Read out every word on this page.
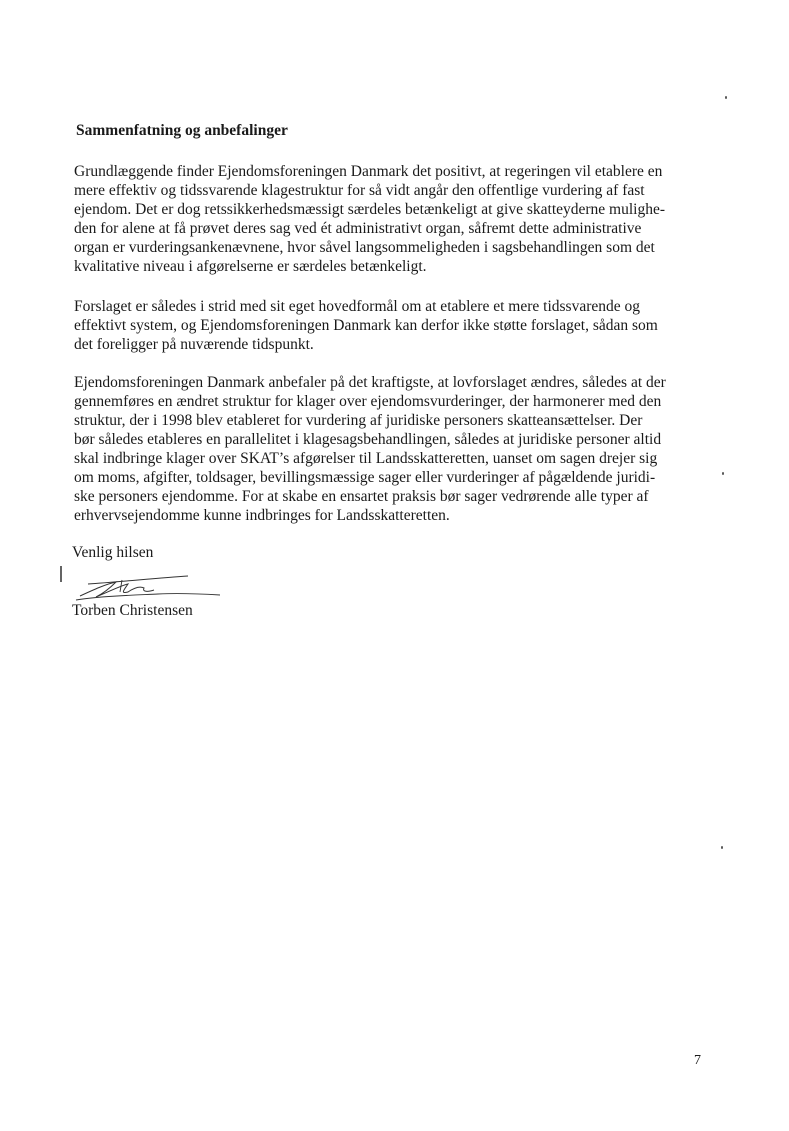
Sammenfatning og anbefalinger

Grundlæggende finder Ejendomsforeningen Danmark det positivt, at regeringen vil etablere en
mere effektiv og tidssvarende klagestruktur for så vidt angår den offentlige vurdering af fast
ejendom. Det er dog retssikkerhedsmæssigt særdeles betænkeligt at give skatteyderne mulighe-
den for alene at få prøvet deres sag ved ét administrativt organ, såfremt dette administrative
organ er vurderingsankenævnene, hvor såvel langsommeligheden i sagsbehandlingen som det
kvalitative niveau i afgørelserne er særdeles betænkeligt.

Forslaget er således i strid med sit eget hovedformål om at etablere et mere tidssvarende og
effektivt system, og Ejendomsforeningen Danmark kan derfor ikke støtte forslaget, sådan som
det foreligger på nuværende tidspunkt.

Ejendomsforeningen Danmark anbefaler på det kraftigste, at lovforslaget ændres, således at der
gennemføres en ændret struktur for klager over ejendomsvurderinger, der harmonerer med den
struktur, der i 1998 blev etableret for vurdering af juridiske personers skatteansættelser. Der
bør således etableres en parallelitet i klagesagsbehandlingen, således at juridiske personer altid
skal indbringe klager over SKAT’s afgørelser til Landsskatteretten, uanset om sagen drejer sig
om moms, afgifter, toldsager, bevillingsmæssige sager eller vurderinger af pågældende juridi-
ske personers ejendomme. For at skabe en ensartet praksis bør sager vedrørende alle typer af
erhvervsejendomme kunne indbringes for Landsskatteretten.

Venlig hilsen

Torben Christensen

7
